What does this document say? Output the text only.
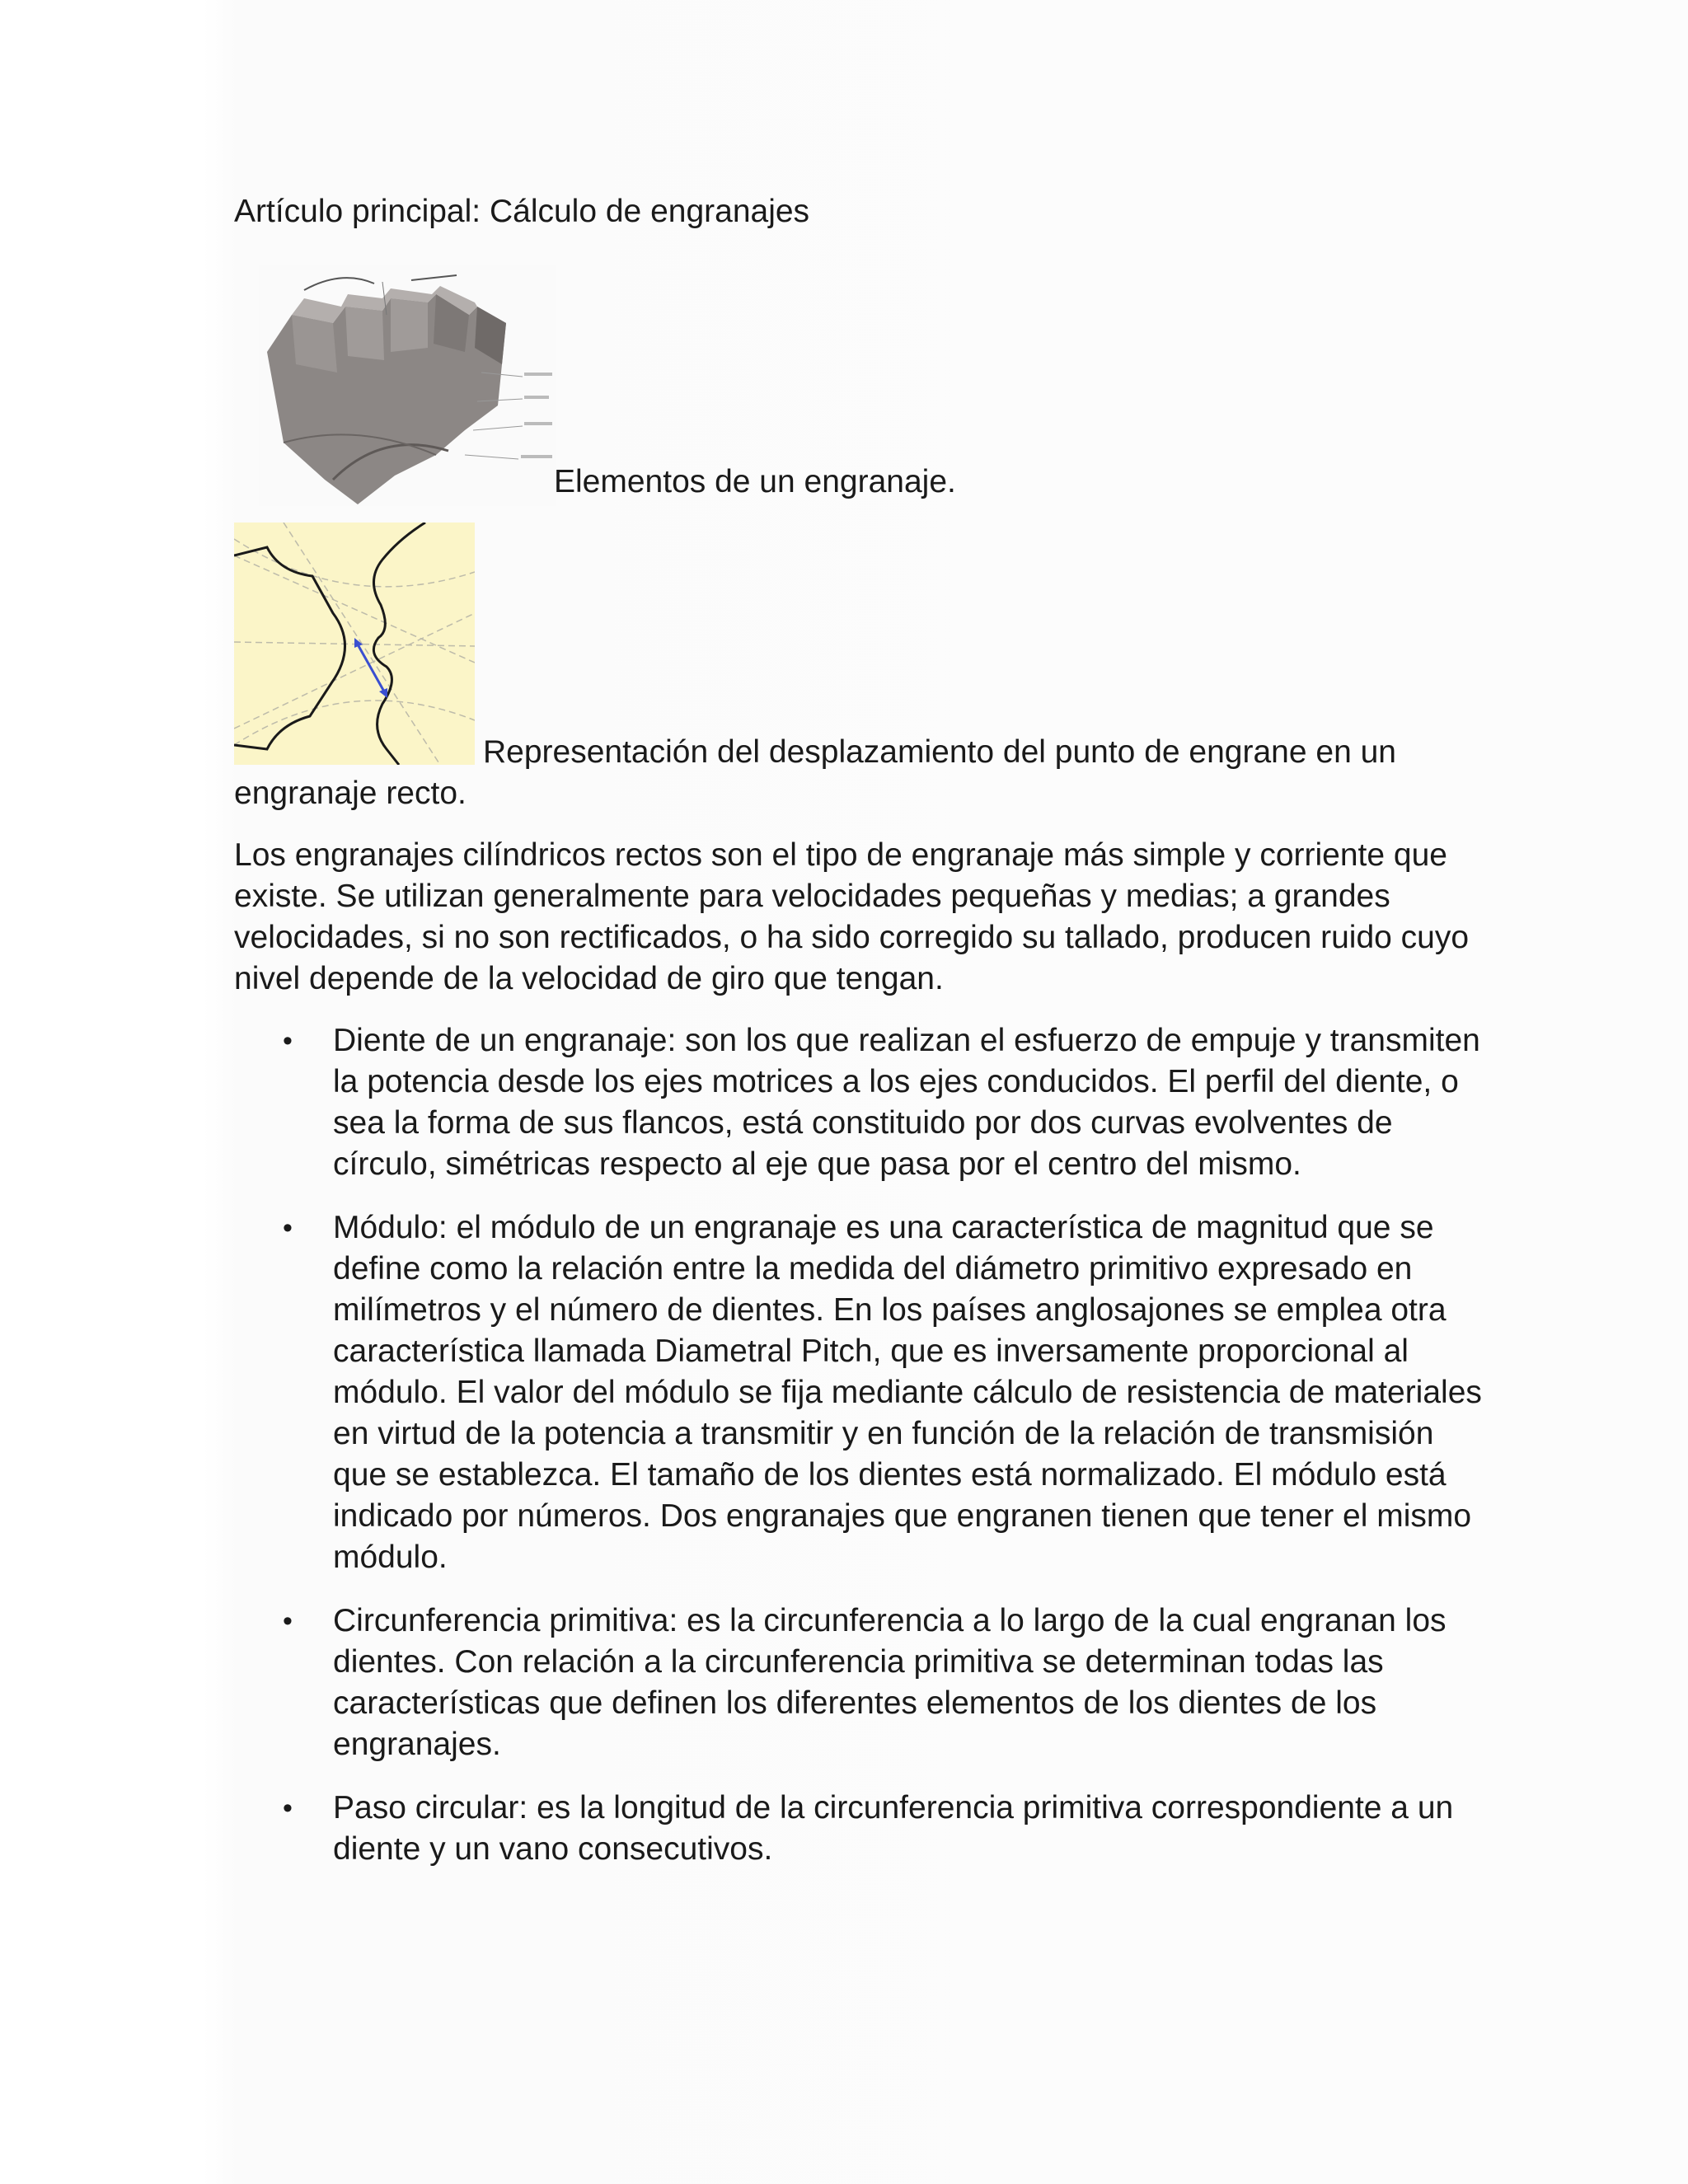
Artículo principal: Cálculo de engranajes
Elementos de un engranaje.
Representación del desplazamiento del punto de engrane en un engranaje recto.

Los engranajes cilíndricos rectos son el tipo de engranaje más simple y corriente que existe. Se utilizan generalmente para velocidades pequeñas y medias; a grandes velocidades, si no son rectificados, o ha sido corregido su tallado, producen ruido cuyo nivel depende de la velocidad de giro que tengan.

• Diente de un engranaje: son los que realizan el esfuerzo de empuje y transmiten la potencia desde los ejes motrices a los ejes conducidos. El perfil del diente, o sea la forma de sus flancos, está constituido por dos curvas evolventes de círculo, simétricas respecto al eje que pasa por el centro del mismo.
• Módulo: el módulo de un engranaje es una característica de magnitud que se define como la relación entre la medida del diámetro primitivo expresado en milímetros y el número de dientes. En los países anglosajones se emplea otra característica llamada Diametral Pitch, que es inversamente proporcional al módulo. El valor del módulo se fija mediante cálculo de resistencia de materiales en virtud de la potencia a transmitir y en función de la relación de transmisión que se establezca. El tamaño de los dientes está normalizado. El módulo está indicado por números. Dos engranajes que engranen tienen que tener el mismo módulo.
• Circunferencia primitiva: es la circunferencia a lo largo de la cual engranan los dientes. Con relación a la circunferencia primitiva se determinan todas las características que definen los diferentes elementos de los dientes de los engranajes.
• Paso circular: es la longitud de la circunferencia primitiva correspondiente a un diente y un vano consecutivos.
